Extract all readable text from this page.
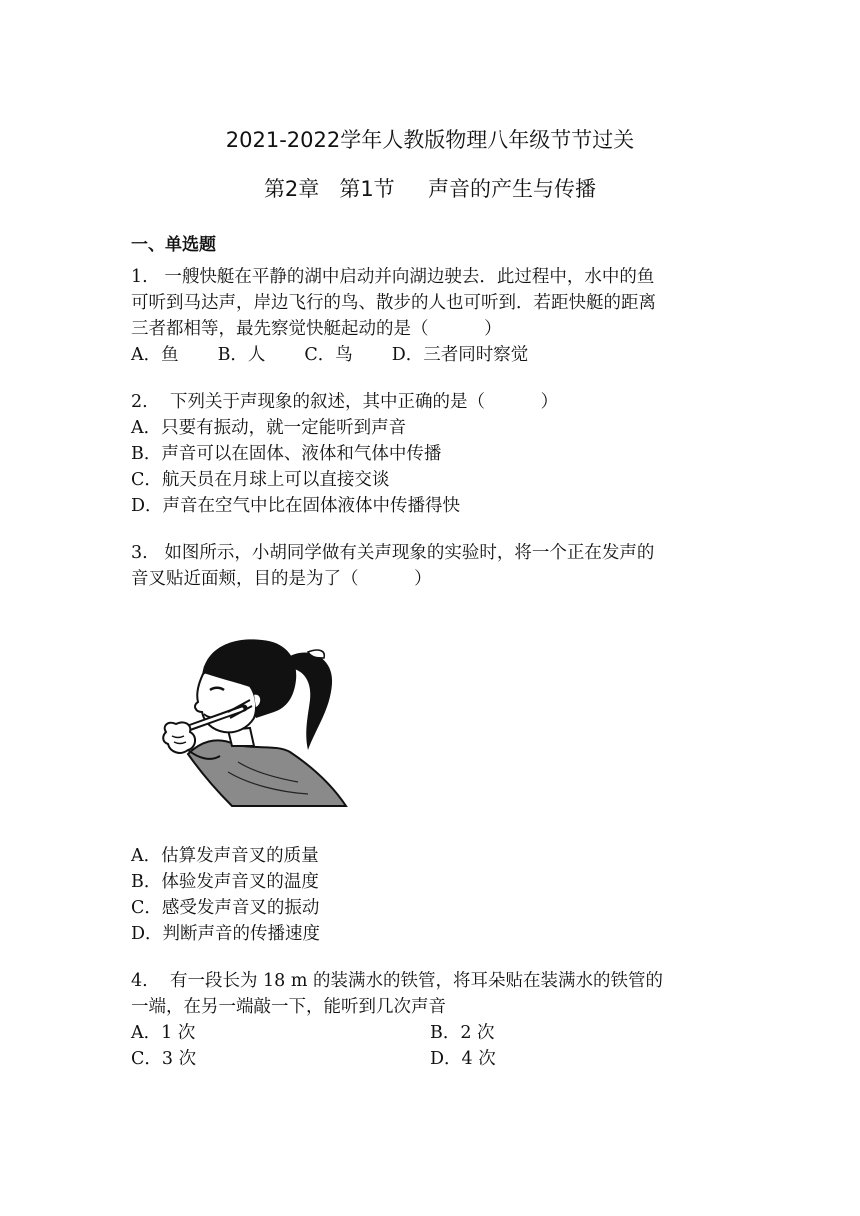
2021-2022学年人教版物理八年级节节过关
第2章   第1节     声音的产生与传播
一、单选题
1.   一艘快艇在平静的湖中启动并向湖边驶去．此过程中，水中的鱼
可听到马达声，岸边飞行的鸟、散步的人也可听到．若距快艇的距离
三者都相等，最先察觉快艇起动的是（          ）
A．鱼       B．人       C．鸟       D．三者同时察觉
2.    下列关于声现象的叙述，其中正确的是（          ）
A．只要有振动，就一定能听到声音
B．声音可以在固体、液体和气体中传播
C．航天员在月球上可以直接交谈
D．声音在空气中比在固体液体中传播得快
3.   如图所示，小胡同学做有关声现象的实验时，将一个正在发声的
音叉贴近面颊，目的是为了（          ）
A．估算发声音叉的质量
B．体验发声音叉的温度
C．感受发声音叉的振动
D．判断声音的传播速度
4.    有一段长为 18 m 的装满水的铁管，将耳朵贴在装满水的铁管的
一端，在另一端敲一下，能听到几次声音
A．1 次	B．2 次
C．3 次	D．4 次
